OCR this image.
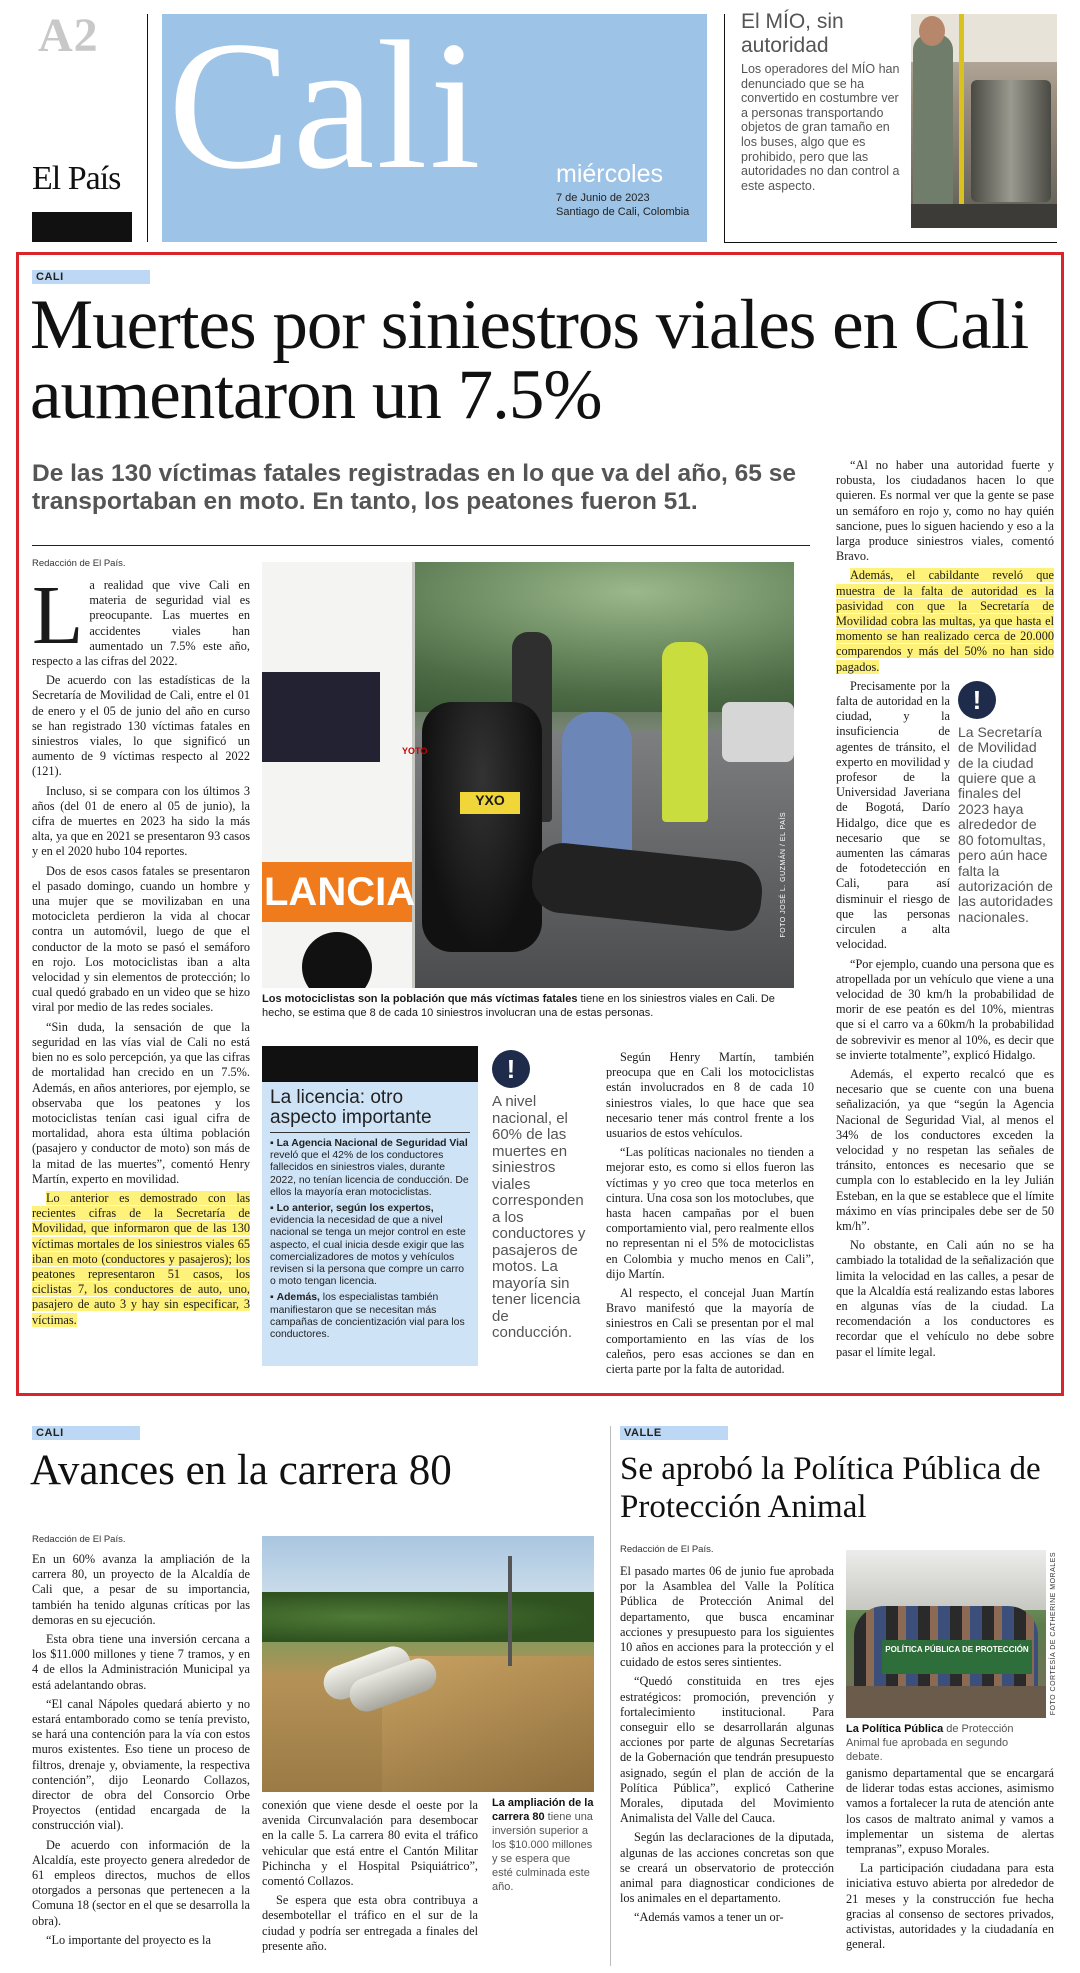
A2
El País Cali	miércoles
7 de Junio de 2023
Santiago de Cali, Colombia
El MÍO, sin autoridad
Los operadores del MÍO han denunciado que se ha convertido en costumbre ver a personas transportando objetos de gran tamaño en los buses, algo que es prohibido, pero que las autoridades no dan control a este aspecto.
CALI
Muertes por siniestros viales en Cali aumentaron un 7.5%
De las 130 víctimas fatales registradas en lo que va del año, 65 se transportaban en moto. En tanto, los peatones fueron 51.
Redacción de El País.

La realidad que vive Cali en materia de seguridad vial es preocupante. Las muertes en accidentes viales han aumentado un 7.5% este año, respecto a las cifras del 2022.

De acuerdo con las estadísticas de la Secretaría de Movilidad de Cali, entre el 01 de enero y el 05 de junio del año en curso se han registrado 130 víctimas fatales en siniestros viales, lo que significó un aumento de 9 víctimas respecto al 2022 (121).

Incluso, si se compara con los últimos 3 años (del 01 de enero al 05 de junio), la cifra de muertes en 2023 ha sido la más alta, ya que en 2021 se presentaron 93 casos y en el 2020 hubo 104 reportes.

Dos de esos casos fatales se presentaron el pasado domingo, cuando un hombre y una mujer que se movilizaban en una motocicleta perdieron la vida al chocar contra un automóvil, luego de que el conductor de la moto se pasó el semáforo en rojo. Los motociclistas iban a alta velocidad y sin elementos de protección; lo cual quedó grabado en un video que se hizo viral por medio de las redes sociales.

“Sin duda, la sensación de que la seguridad en las vías vial de Cali no está bien no es solo percepción, ya que las cifras de mortalidad han crecido en un 7.5%. Además, en años anteriores, por ejemplo, se observaba que los peatones y los motociclistas tenían casi igual cifra de mortalidad, ahora esta última población (pasajero y conductor de moto) son más de la mitad de las muertes”, comentó Henry Martín, experto en movilidad.

Lo anterior es demostrado con las recientes cifras de la Secretaría de Movilidad, que informaron que de las 130 víctimas mortales de los siniestros viales 65 iban en moto (conductores y pasajeros); los peatones representaron 51 casos, los ciclistas 7, los conductores de auto, uno, pasajero de auto 3 y hay sin especificar, 3 víctimas.

LANCIA
YXO
YOTO
FOTO JOSÉ L. GUZMÁN / EL PAÍS
Los motociclistas son la población que más víctimas fatales tiene en los siniestros viales en Cali. De hecho, se estima que 8 de cada 10 siniestros involucran una de estas personas.
La licencia: otro aspecto importante

▪ La Agencia Nacional de Seguridad Vial reveló que el 42% de los conductores fallecidos en siniestros viales, durante 2022, no tenían licencia de conducción. De ellos la mayoría eran motociclistas.

▪ Lo anterior, según los expertos, evidencia la necesidad de que a nivel nacional se tenga un mejor control en este aspecto, el cual inicia desde exigir que las comercializadores de motos y vehículos revisen si la persona que compre un carro o moto tengan licencia.

▪ Además, los especialistas también manifiestaron que se necesitan más campañas de concientización vial para los conductores.

!
A nivel nacional, el 60% de las muertes en siniestros viales corresponden a los conductores y pasajeros de motos. La mayoría sin tener licencia de conducción.

Según Henry Martín, también preocupa que en Cali los motociclistas están involucrados en 8 de cada 10 siniestros viales, lo que hace que sea necesario tener más control frente a los usuarios de estos vehículos.

“Las políticas nacionales no tienden a mejorar esto, es como si ellos fueron las víctimas y yo creo que toca meterlos en cintura. Una cosa son los motoclubes, que hasta hacen campañas por el buen comportamiento vial, pero realmente ellos no representan ni el 5% de motociclistas en Colombia y mucho menos en Cali”, dijo Martín.

Al respecto, el concejal Juan Martín Bravo manifestó que la mayoría de siniestros en Cali se presentan por el mal comportamiento en las vías de los caleños, pero esas acciones se dan en cierta parte por la falta de autoridad.

“Al no haber una autoridad fuerte y robusta, los ciudadanos hacen lo que quieren. Es normal ver que la gente se pase un semáforo en rojo y, como no hay quién sancione, pues lo siguen haciendo y eso a la larga produce siniestros viales, comentó Bravo.

Además, el cabildante reveló que muestra de la falta de autoridad es la pasividad con que la Secretaría de Movilidad cobra las multas, ya que hasta el momento se han realizado cerca de 20.000 comparendos y más del 50% no han sido pagados.

!
La Secretaría de Movilidad de la ciudad quiere que a finales del 2023 haya alrededor de 80 fotomultas, pero aún hace falta la autorización de las autoridades nacionales.

Precisamente por la falta de autoridad en la ciudad, y la insuficiencia de agentes de tránsito, el experto en movilidad y profesor de la Universidad Javeriana de Bogotá, Darío Hidalgo, dice que es necesario que se aumenten las cámaras de fotodetección en Cali, para así disminuir el riesgo de que las personas circulen a alta velocidad.

“Por ejemplo, cuando una persona que es atropellada por un vehículo que viene a una velocidad de 30 km/h la probabilidad de morir de ese peatón es del 10%, mientras que si el carro va a 60km/h la probabilidad de sobrevivir es menor al 10%, es decir que se invierte totalmente”, explicó Hidalgo.

Además, el experto recalcó que es necesario que se cuente con una buena señalización, ya que “según la Agencia Nacional de Seguridad Vial, al menos el 34% de los conductores exceden la velocidad y no respetan las señales de tránsito, entonces es necesario que se cumpla con lo establecido en la ley Julián Esteban, en la que se establece que el límite máximo en vías principales debe ser de 50 km/h”.

No obstante, en Cali aún no se ha cambiado la totalidad de la señalización que limita la velocidad en las calles, a pesar de que la Alcaldía está realizando estas labores en algunas vías de la ciudad. La recomendación a los conductores es recordar que el vehículo no debe sobre pasar el límite legal.

CALI
Avances en la carrera 80
Redacción de El País.

En un 60% avanza la ampliación de la carrera 80, un proyecto de la Alcaldía de Cali que, a pesar de su importancia, también ha tenido algunas críticas por las demoras en su ejecución.

Esta obra tiene una inversión cercana a los $11.000 millones y tiene 7 tramos, y en 4 de ellos la Administración Municipal ya está adelantando obras.

“El canal Nápoles quedará abierto y no estará entamborado como se tenía previsto, se hará una contención para la vía con estos muros existentes. Eso tiene un proceso de filtros, drenaje y, obviamente, la respectiva contención”, dijo Leonardo Collazos, director de obra del Consorcio Orbe Proyectos (entidad encargada de la construcción vial).

De acuerdo con información de la Alcaldía, este proyecto genera alrededor de 61 empleos directos, muchos de ellos otorgados a personas que pertenecen a la Comuna 18 (sector en el que se desarrolla la obra).

“Lo importante del proyecto es la

La ampliación de la carrera 80 tiene una inversión superior a los $10.000 millones y se espera que esté culminada este año.

conexión que viene desde el oeste por la avenida Circunvalación para desembocar en la calle 5. La carrera 80 evita el tráfico vehicular que está entre el Cantón Militar Pichincha y el Hospital Psiquiátrico”, comentó Collazos.

Se espera que esta obra contribuya a desembotellar el tráfico en el sur de la ciudad y podría ser entregada a finales del presente año.

VALLE
Se aprobó la Política Pública de Protección Animal
Redacción de El País.

El pasado martes 06 de junio fue aprobada por la Asamblea del Valle la Política Pública de Protección Animal del departamento, que busca encaminar acciones y presupuesto para los siguientes 10 años en acciones para la protección y el cuidado de estos seres sintientes.

“Quedó constituida en tres ejes estratégicos: promoción, prevención y fortalecimiento institucional. Para conseguir ello se desarrollarán algunas acciones por parte de algunas Secretarías de la Gobernación que tendrán presupuesto asignado, según el plan de acción de la Política Pública”, explicó Catherine Morales, diputada del Movimiento Animalista del Valle del Cauca.

Según las declaraciones de la diputada, algunas de las acciones concretas son que se creará un observatorio de protección animal para diagnosticar condiciones de los animales en el departamento.

“Además vamos a tener un or-

POLÍTICA PÚBLICA DE PROTECCIÓN	FOTO CORTESÍA DE CATHERINE MORALES
La Política Pública de Protección Animal fue aprobada en segundo debate.

ganismo departamental que se encargará de liderar todas estas acciones, asimismo vamos a fortalecer la ruta de atención ante los casos de maltrato animal y vamos a implementar un sistema de alertas tempranas”, expuso Morales.

La participación ciudadana para esta iniciativa estuvo abierta por alrededor de 21 meses y la construcción fue hecha gracias al consenso de sectores privados, activistas, autoridades y la ciudadanía en general.
